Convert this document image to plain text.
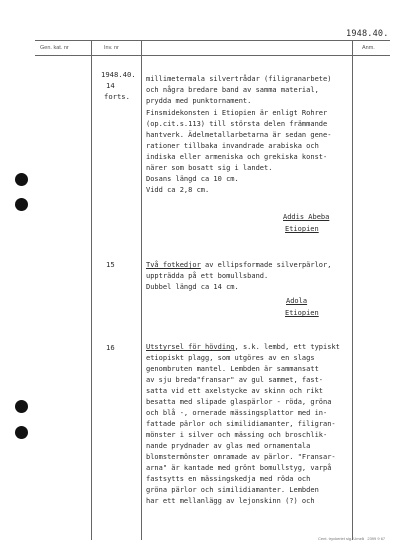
1948.40.
Gen. kat. nr	Inv. nr	Anm.
1948.40.
14
forts.
millimetermala silvertrådar (filigranarbete)
och några bredare band av samma material,
prydda med punktornament.
Finsmidekonsten i Etiopien är enligt Rohrer
(op.cit.s.113) till största delen främmande
hantverk. Ädelmetallarbetarna är sedan gene-
rationer tillbaka invandrade arabiska och
indiska eller armeniska och grekiska konst-
närer som bosatt sig i landet.
Dosans längd ca 10 cm.
Vidd ca 2,8 cm.
Addis Abeba
Etiopien
15	Två fotkedjor av ellipsformade silverpärlor,
uppträdda på ett bomullsband.
Dubbel längd ca 14 cm.
Adola
Etiopien
16	Utstyrsel för hövding, s.k. lembd, ett typiskt
etiopiskt plagg, som utgöres av en slags
genombruten mantel. Lembden är sammansatt
av sju breda"fransar" av gul sammet, fast-
satta vid ett axelstycke av skinn och rikt
besatta med slipade glaspärlor - röda, gröna
och blå -, ornerade mässingsplattor med in-
fattade pärlor och similidiamanter, filigran-
mönster i silver och mässing och broschlik-
nande prydnader av glas med ornamentala
blomstermönster omramade av pärlor. "Fransar-
arna" är kantade med grönt bomullstyg, varpå
fastsytts en mässingskedja med röda och
gröna pärlor och similidiamanter. Lembden
har ett mellanlägg av lejonskinn (?) och
Cent. tryckeriet sig. Umeå   2399 9 67
